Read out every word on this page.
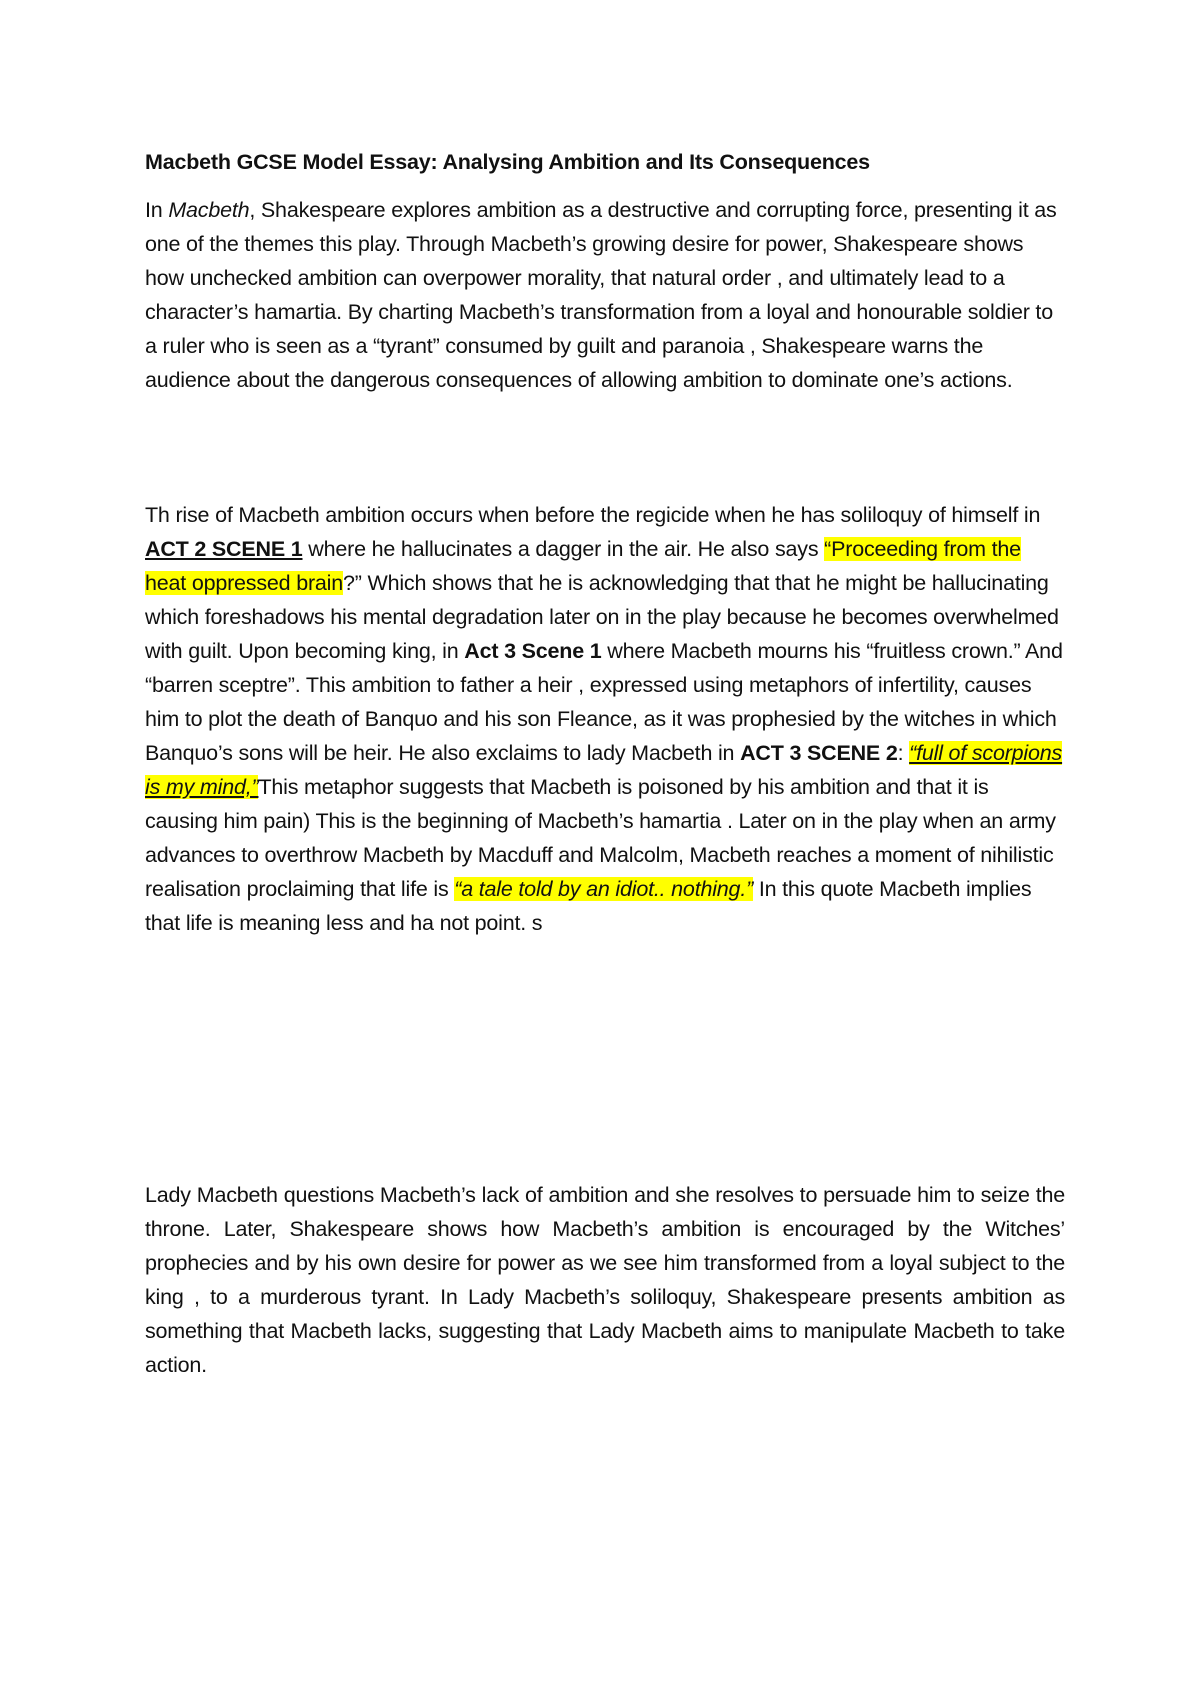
Macbeth GCSE Model Essay: Analysing Ambition and Its Consequences

In Macbeth, Shakespeare explores ambition as a destructive and corrupting force, presenting it as one of the themes this play. Through Macbeth’s growing desire for power, Shakespeare shows how unchecked ambition can overpower morality, that natural order , and ultimately lead to a character’s hamartia. By charting Macbeth’s transformation from a loyal and honourable soldier to a ruler who is seen as a “tyrant” consumed by guilt and paranoia , Shakespeare warns the audience about the dangerous consequences of allowing ambition to dominate one’s actions.

Th rise of Macbeth ambition occurs when before the regicide when he has soliloquy of himself in ACT 2 SCENE 1 where he hallucinates a dagger in the air. He also says “Proceeding from the heat oppressed brain?” Which shows that he is acknowledging that that he might be hallucinating which foreshadows his mental degradation later on in the play because he becomes overwhelmed with guilt. Upon becoming king, in Act 3 Scene 1 where Macbeth mourns his “fruitless crown.” And “barren sceptre”. This ambition to father a heir , expressed using metaphors of infertility, causes him to plot the death of Banquo and his son Fleance, as it was prophesied by the witches in which Banquo’s sons will be heir. He also exclaims to lady Macbeth in ACT 3 SCENE 2: “full of scorpions is my mind,”This metaphor suggests that Macbeth is poisoned by his ambition and that it is causing him pain) This is the beginning of Macbeth’s hamartia . Later on in the play when an army advances to overthrow Macbeth by Macduff and Malcolm, Macbeth reaches a moment of nihilistic realisation proclaiming that life is “a tale told by an idiot.. nothing.” In this quote Macbeth implies that life is meaning less and ha not point. s

Lady Macbeth questions Macbeth’s lack of ambition and she resolves to persuade him to seize the throne. Later, Shakespeare shows how Macbeth’s ambition is encouraged by the Witches’ prophecies and by his own desire for power as we see him transformed from a loyal subject to the king , to a murderous tyrant. In Lady Macbeth’s soliloquy, Shakespeare presents ambition as something that Macbeth lacks, suggesting that Lady Macbeth aims to manipulate Macbeth to take action.
